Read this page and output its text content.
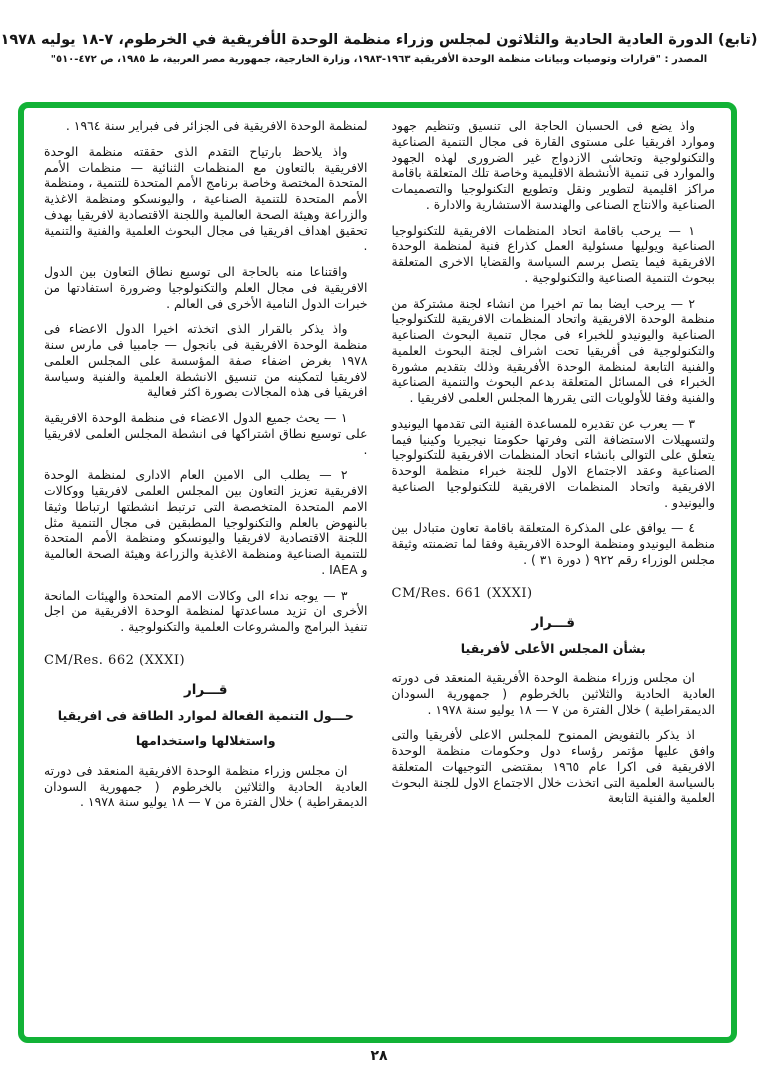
(تابع) الدورة العادية الحادية والثلاثون لمجلس وزراء منظمة الوحدة الأفريقية في الخرطوم، ٧-١٨ يوليه ١٩٧٨
المصدر : "قرارات وتوصيات وبيانات منظمة الوحدة الأفريقية ١٩٦٣-١٩٨٣، وزارة الخارجية، جمهورية مصر العربية، ط ١٩٨٥، ص ٤٧٢-٥١٠"

واذ يضع فى الحسبان الحاجة الى تنسيق وتنظيم جهود وموارد افريقيا على مستوى القارة فى مجال التنمية الصناعية والتكنولوجية وتحاشى الازدواج غير الضرورى لهذه الجهود والموارد فى تنمية الأنشطة الاقليمية وخاصة تلك المتعلقة باقامة مراكز اقليمية لتطوير ونقل وتطويع التكنولوجيا والتصميمات الصناعية والانتاج الصناعى والهندسة الاستشارية والادارة .

١ — يرحب باقامة اتحاد المنظمات الافريقية للتكنولوجيا الصناعية ويوليها مسئولية العمل كذراع فنية لمنظمة الوحدة الافريقية فيما يتصل برسم السياسة والقضايا الاخرى المتعلقة ببحوث التنمية الصناعية والتكنولوجية .

٢ — يرحب ايضا بما تم اخيرا من انشاء لجنة مشتركة من منظمة الوحدة الافريقية واتحاد المنظمات الافريقية للتكنولوجيا الصناعية واليونيدو للخبراء فى مجال تنمية البحوث الصناعية والتكنولوجية فى أفريقيا تحت اشراف لجنة البحوث العلمية والفنية التابعة لمنظمة الوحدة الأفريقية وذلك بتقديم مشورة الخبراء فى المسائل المتعلقة بدعم البحوث والتنمية الصناعية والفنية وفقا للأولويات التى يقررها المجلس العلمى لافريقيا .

٣ — يعرب عن تقديره للمساعدة الفنية التى تقدمها اليونيدو ولتسهيلات الاستضافة التى وفرتها حكومتا نيجيريا وكينيا فيما يتعلق على التوالى بانشاء اتحاد المنظمات الافريقية للتكنولوجيا الصناعية وعقد الاجتماع الاول للجنة خبراء منظمة الوحدة الافريقية واتحاد المنظمات الافريقية للتكنولوجيا الصناعية واليونيدو .

٤ — يوافق على المذكرة المتعلقة باقامة تعاون متبادل بين منظمة اليونيدو ومنظمة الوحدة الافريقية وفقا لما تضمنته وثيقة مجلس الوزراء رقم ٩٢٢ ( دورة ٣١ ) .

CM/Res. 661 (XXXI)
قـــرار
بشأن المجلس الأعلى لأفريقيا

ان مجلس وزراء منظمة الوحدة الأفريقية المنعقد فى دورته العادية الحادية والثلاثين بالخرطوم ( جمهورية السودان الديمقراطية ) خلال الفترة من ٧ — ١٨ يوليو سنة ١٩٧٨ .

اذ يذكر بالتفويض الممنوح للمجلس الاعلى لأفريقيا والتى وافق عليها مؤتمر رؤساء دول وحكومات منظمة الوحدة الافريقية فى اكرا عام ١٩٦٥ بمقتضى التوجيهات المتعلقة بالسياسة العلمية التى اتخذت خلال الاجتماع الاول للجنة البحوث العلمية والفنية التابعة

لمنظمة الوحدة الافريقية فى الجزائر فى فبراير سنة ١٩٦٤ .

واذ يلاحظ بارتياح التقدم الذى حققته منظمة الوحدة الافريقية بالتعاون مع المنظمات الثنائية — منظمات الأمم المتحدة المختصة وخاصة برنامج الأمم المتحدة للتنمية ، ومنظمة الأمم المتحدة للتنمية الصناعية ، واليونسكو ومنظمة الاغذية والزراعة وهيئة الصحة العالمية واللجنة الاقتصادية لافريقيا بهدف تحقيق اهداف افريقيا فى مجال البحوث العلمية والفنية والتنمية .

واقتناعا منه بالحاجة الى توسيع نطاق التعاون بين الدول الافريقية فى مجال العلم والتكنولوجيا وضرورة استفادتها من خبرات الدول النامية الأخرى فى العالم .

واذ يذكر بالقرار الذى اتخذته اخيرا الدول الاعضاء فى منظمة الوحدة الافريقية فى بانجول — جامبيا فى مارس سنة ١٩٧٨ بغرض اضفاء صفة المؤسسة على المجلس العلمى لافريقيا لتمكينه من تنسيق الانشطة العلمية والفنية وسياسة افريقيا فى هذه المجالات بصورة اكثر فعالية

١ — يحث جميع الدول الاعضاء فى منظمة الوحدة الافريقية على توسيع نطاق اشتراكها فى انشطة المجلس العلمى لافريقيا .

٢ — يطلب الى الامين العام الادارى لمنظمة الوحدة الافريقية تعزيز التعاون بين المجلس العلمى لافريقيا ووكالات الامم المتحدة المتخصصة التى ترتبط انشطتها ارتباطا وثيقا بالنهوض بالعلم والتكنولوجيا المطبقين فى مجال التنمية مثل اللجنة الاقتصادية لافريقيا واليونسكو ومنظمة الأمم المتحدة للتنمية الصناعية ومنظمة الاغذية والزراعة وهيئة الصحة العالمية و IAEA .

٣ — يوجه نداء الى وكالات الامم المتحدة والهيئات المانحة الأخرى ان تزيد مساعدتها لمنظمة الوحدة الافريقية من اجل تنفيذ البرامج والمشروعات العلمية والتكنولوجية .

CM/Res. 662 (XXXI)
قـــرار
حـــول التنمية الفعالة لموارد الطاقة فى افريقيا
واستغلالها واستخدامها

ان مجلس وزراء منظمة الوحدة الافريقية المنعقد فى دورته العادية الحادية والثلاثين بالخرطوم ( جمهورية السودان الديمقراطية ) خلال الفترة من ٧ — ١٨ يوليو سنة ١٩٧٨ .

٢٨
